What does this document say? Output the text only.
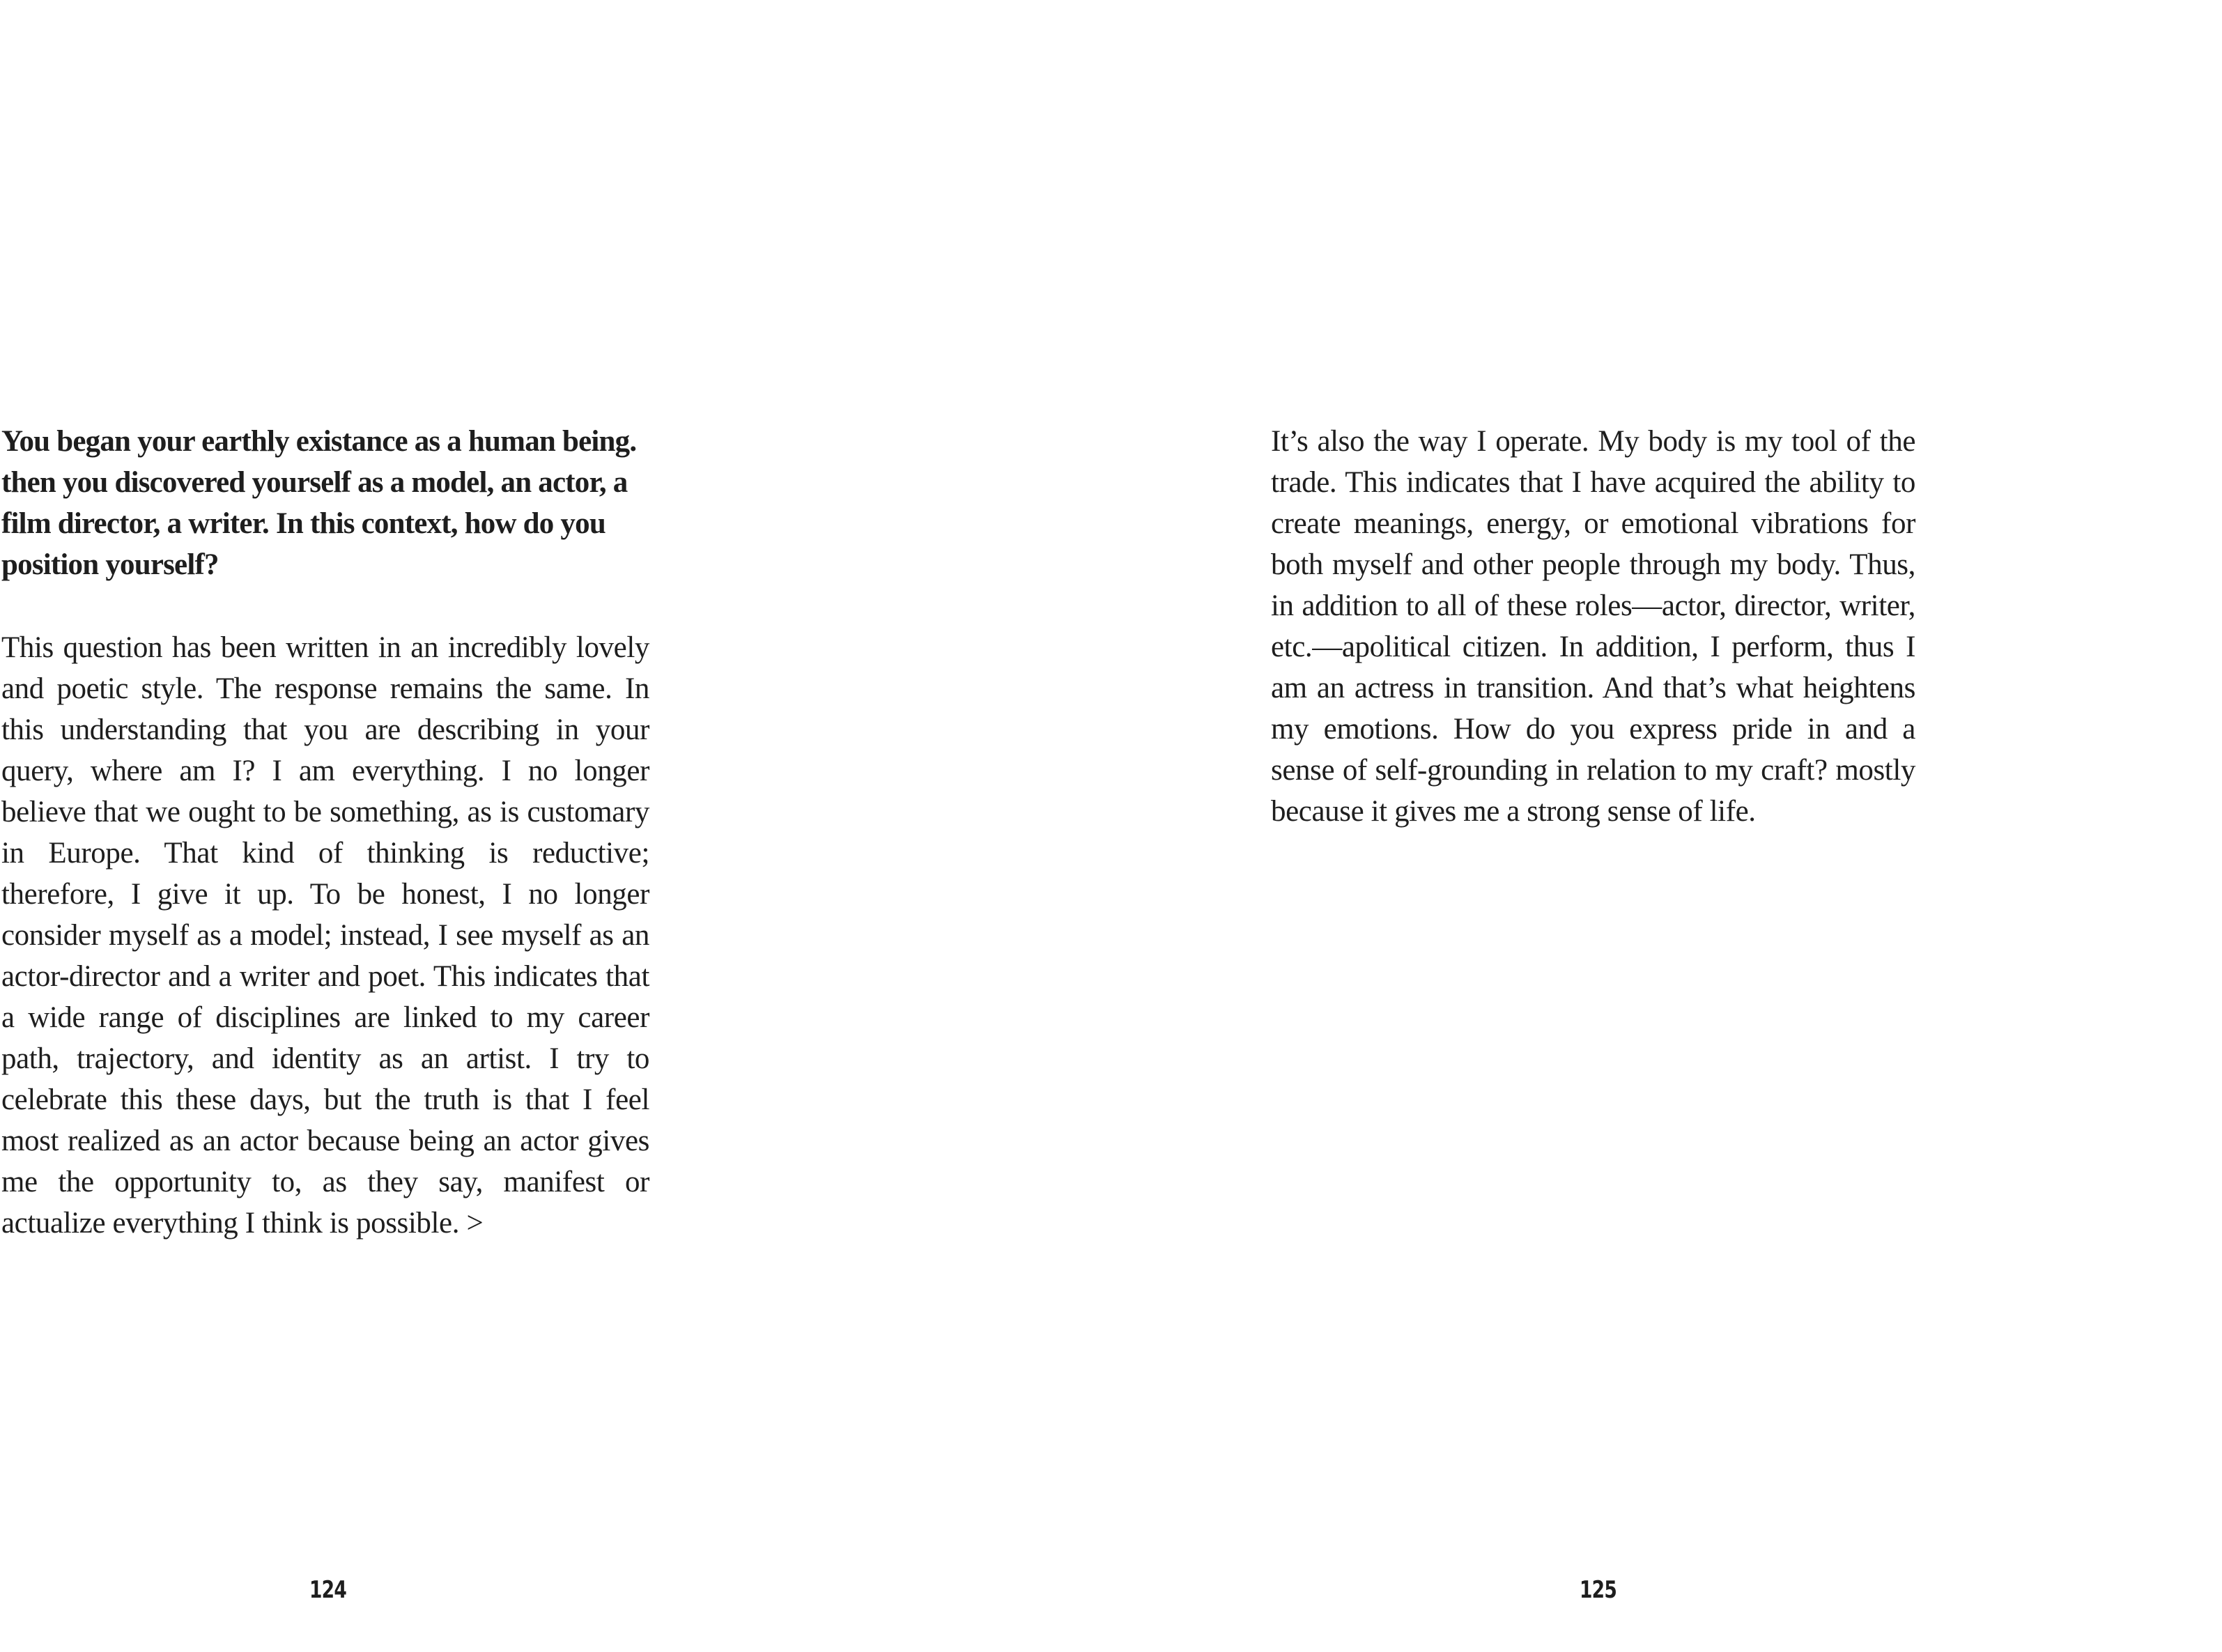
You began your earthly existance as a human being. then you discovered yourself as a model, an actor, a film director, a writer. In this context, how do you position yourself?

This question has been written in an incredibly lovely and poetic style. The response remains the same. In this understanding that you are describing in your query, where am I? I am everything. I no longer believe that we ought to be something, as is customary in Europe. That kind of thinking is reductive; therefore, I give it up. To be honest, I no longer consider myself as a model; instead, I see myself as an actor-director and a writer and poet. This indicates that a wide range of disciplines are linked to my career path, trajectory, and identity as an artist. I try to celebrate this these days, but the truth is that I feel most realized as an actor because being an actor gives me the opportunity to, as they say, manifest or actualize everything I think is possible. >

124

It’s also the way I operate. My body is my tool of the trade. This indicates that I have acquired the ability to create meanings, energy, or emotional vibrations for both myself and other people through my body. Thus, in addition to all of these roles—actor, director, writer, etc.—apolitical citizen. In addition, I perform, thus I am an actress in transition. And that’s what heightens my emotions. How do you express pride in and a sense of self-grounding in relation to my craft? mostly because it gives me a strong sense of life.

125
